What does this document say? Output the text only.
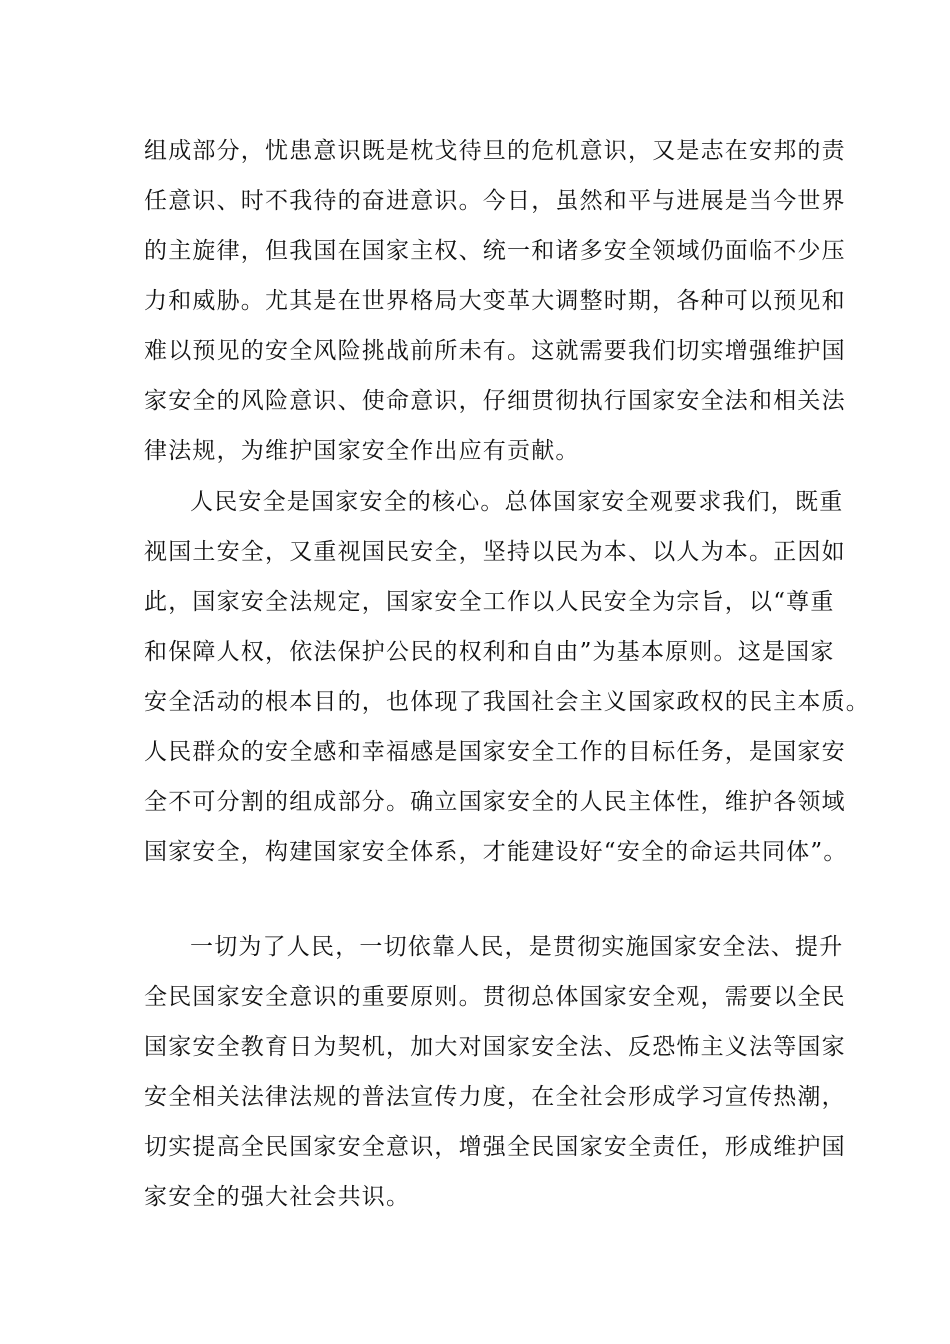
组成部分，忧患意识既是枕戈待旦的危机意识，又是志在安邦的责
任意识、时不我待的奋进意识。今日，虽然和平与进展是当今世界
的主旋律，但我国在国家主权、统一和诸多安全领域仍面临不少压
力和威胁。尤其是在世界格局大变革大调整时期，各种可以预见和
难以预见的安全风险挑战前所未有。这就需要我们切实增强维护国
家安全的风险意识、使命意识，仔细贯彻执行国家安全法和相关法
律法规，为维护国家安全作出应有贡献。
人民安全是国家安全的核心。总体国家安全观要求我们，既重
视国土安全，又重视国民安全，坚持以民为本、以人为本。正因如
此，国家安全法规定，国家安全工作以人民安全为宗旨，以“尊重
和保障人权，依法保护公民的权利和自由”为基本原则。这是国家
安全活动的根本目的，也体现了我国社会主义国家政权的民主本质。
人民群众的安全感和幸福感是国家安全工作的目标任务，是国家安
全不可分割的组成部分。确立国家安全的人民主体性，维护各领域
国家安全，构建国家安全体系，才能建设好“安全的命运共同体”。
一切为了人民，一切依靠人民，是贯彻实施国家安全法、提升
全民国家安全意识的重要原则。贯彻总体国家安全观，需要以全民
国家安全教育日为契机，加大对国家安全法、反恐怖主义法等国家
安全相关法律法规的普法宣传力度，在全社会形成学习宣传热潮，
切实提高全民国家安全意识，增强全民国家安全责任，形成维护国
家安全的强大社会共识。
